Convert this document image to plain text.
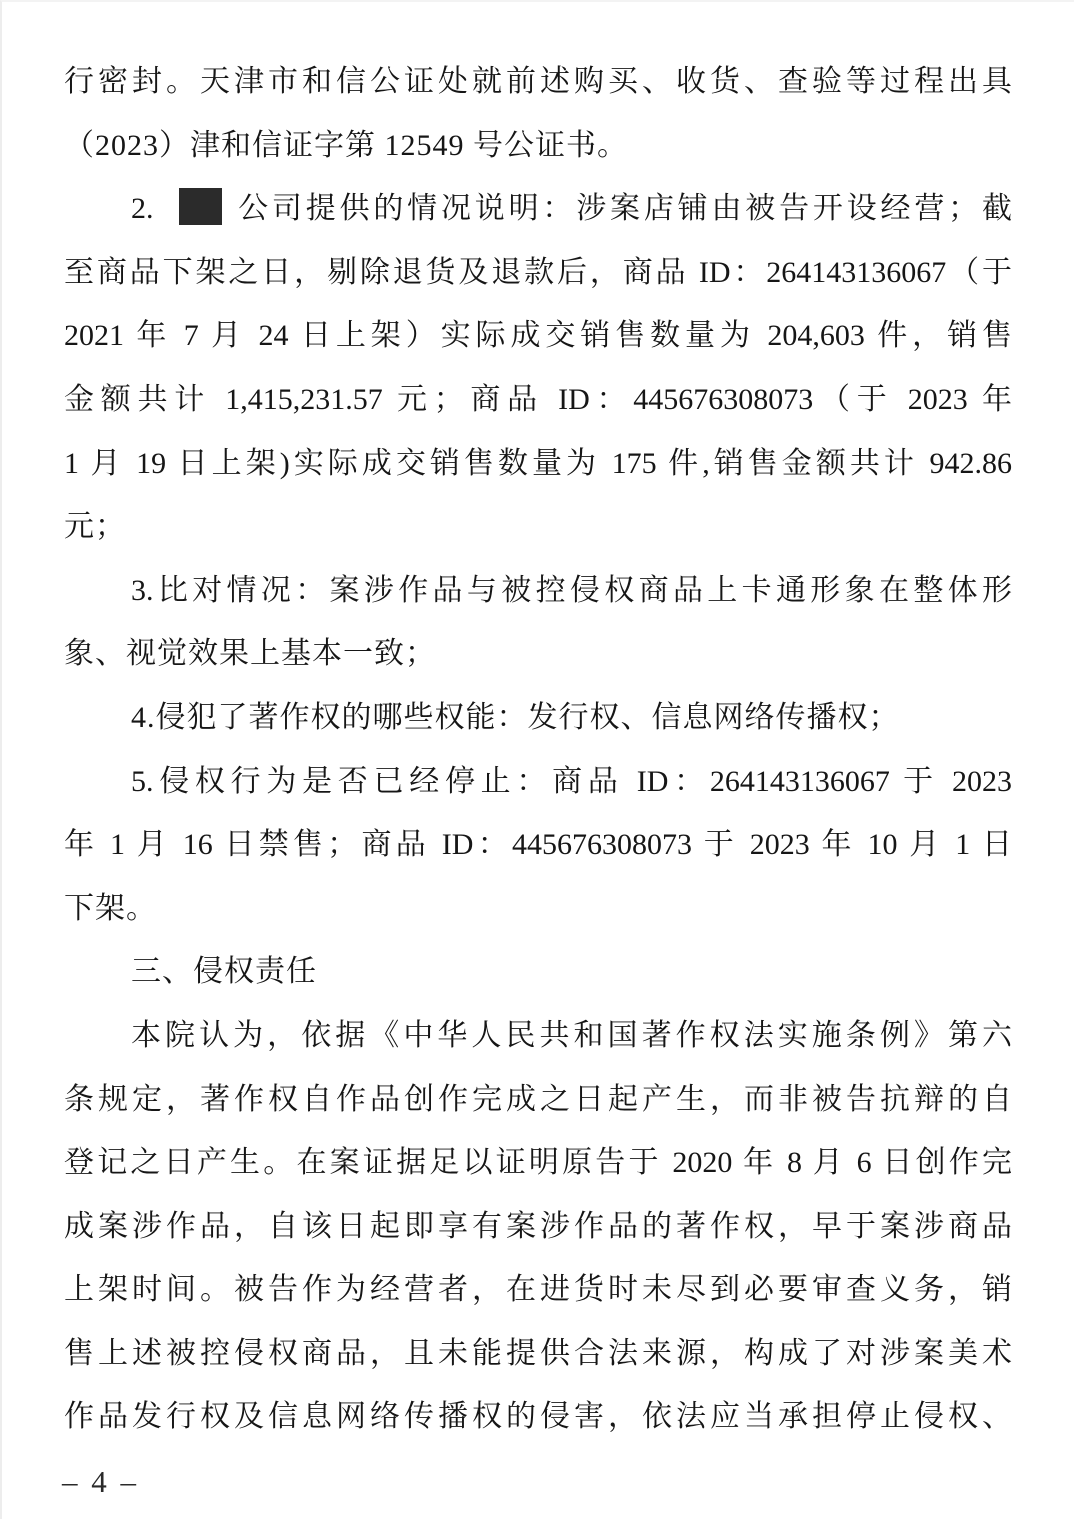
行密封。天津市和信公证处就前述购买、收货、查验等过程出具
（2023）津和信证字第 12549 号公证书。
2.  公司提供的情况说明：涉案店铺由被告开设经营；截
至商品下架之日，剔除退货及退款后，商品 ID：264143136067（于
2021 年 7 月 24 日上架）实际成交销售数量为 204,603 件，销售
金额共计 1,415,231.57 元；商品 ID：445676308073（于 2023 年
1 月 19 日上架)实际成交销售数量为 175 件,销售金额共计 942.86
元；
3.比对情况：案涉作品与被控侵权商品上卡通形象在整体形
象、视觉效果上基本一致；
4.侵犯了著作权的哪些权能：发行权、信息网络传播权；
5.侵权行为是否已经停止：商品 ID：264143136067 于 2023
年 1 月 16 日禁售；商品 ID：445676308073 于 2023 年 10 月 1 日
下架。
三、侵权责任
本院认为，依据《中华人民共和国著作权法实施条例》第六
条规定，著作权自作品创作完成之日起产生，而非被告抗辩的自
登记之日产生。在案证据足以证明原告于 2020 年 8 月 6 日创作完
成案涉作品，自该日起即享有案涉作品的著作权，早于案涉商品
上架时间。被告作为经营者，在进货时未尽到必要审查义务，销
售上述被控侵权商品，且未能提供合法来源，构成了对涉案美术
作品发行权及信息网络传播权的侵害，依法应当承担停止侵权、
– 4 –
